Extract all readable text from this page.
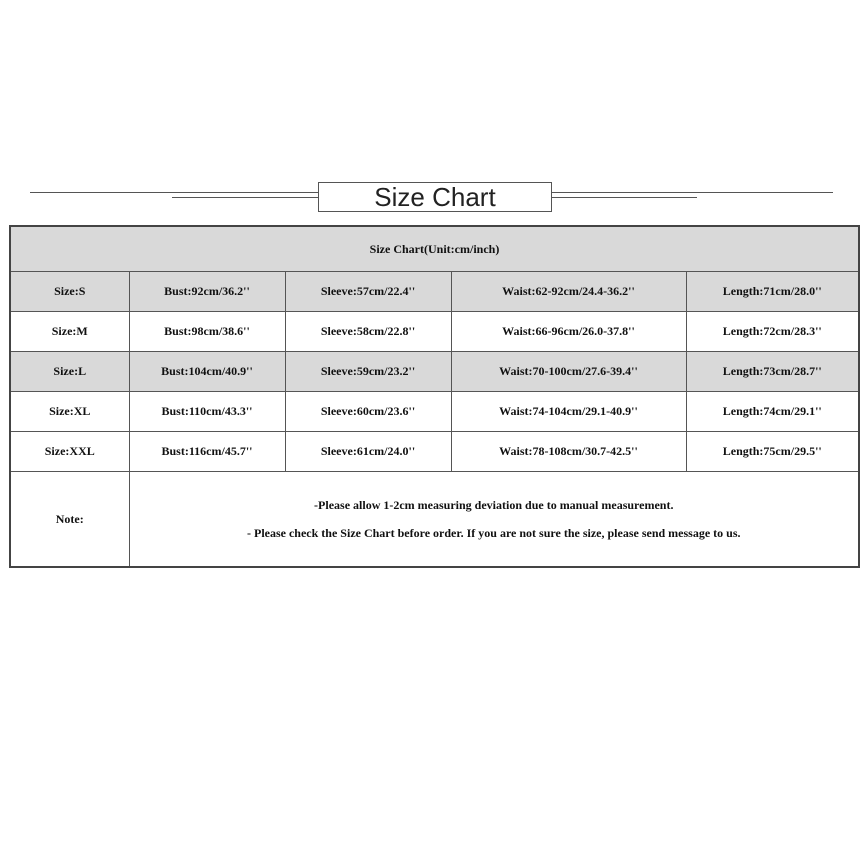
Size Chart
Size Chart(Unit:cm/inch)				
Size:S	Bust:92cm/36.2''	Sleeve:57cm/22.4''	Waist:62-92cm/24.4-36.2''	Length:71cm/28.0''
Size:M	Bust:98cm/38.6''	Sleeve:58cm/22.8''	Waist:66-96cm/26.0-37.8''	Length:72cm/28.3''
Size:L	Bust:104cm/40.9''	Sleeve:59cm/23.2''	Waist:70-100cm/27.6-39.4''	Length:73cm/28.7''
Size:XL	Bust:110cm/43.3''	Sleeve:60cm/23.6''	Waist:74-104cm/29.1-40.9''	Length:74cm/29.1''
Size:XXL	Bust:116cm/45.7''	Sleeve:61cm/24.0''	Waist:78-108cm/30.7-42.5''	Length:75cm/29.5''
Note:	-Please allow 1-2cm measuring deviation due to manual measurement.
- Please check the Size Chart before order. If you are not sure the size, please send message to us.			
